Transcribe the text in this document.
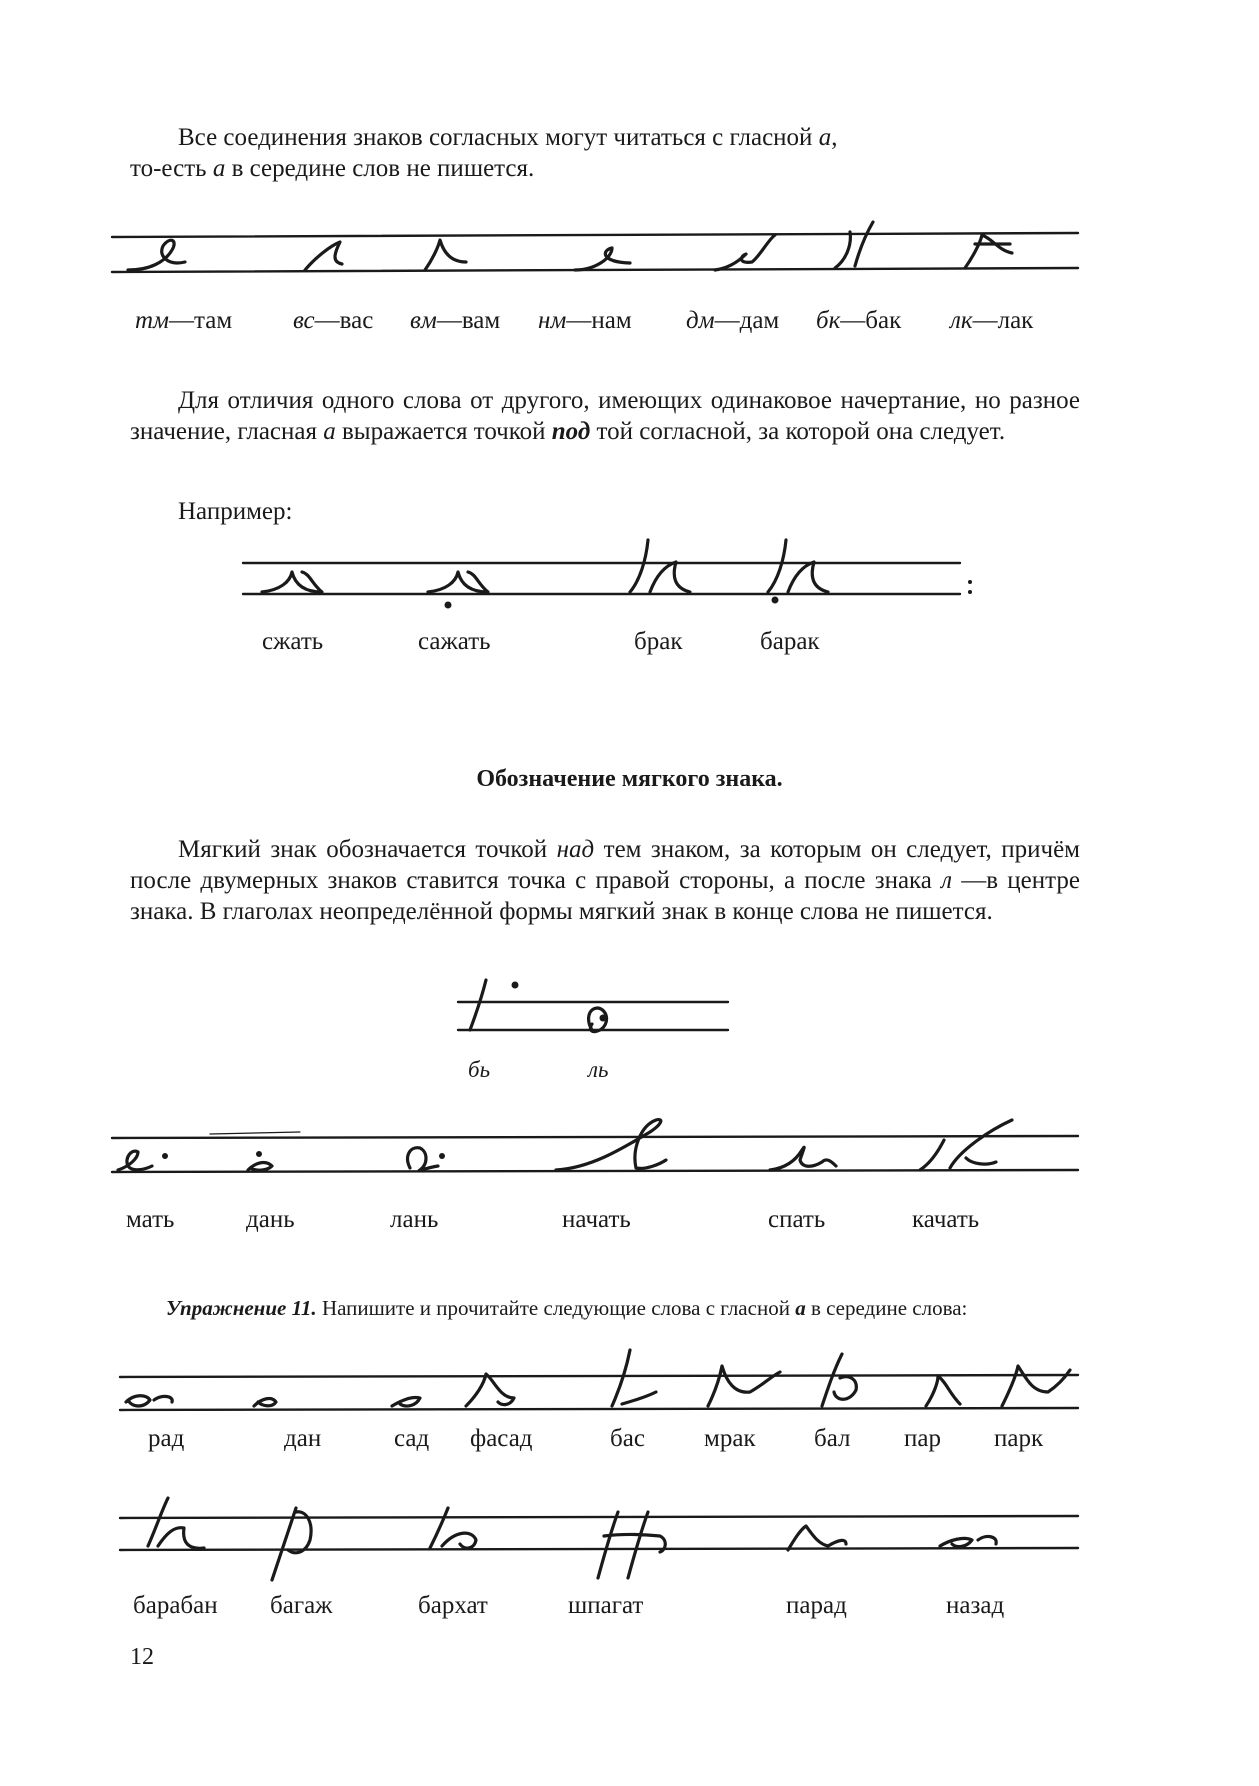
Все соединения знаков согласных могут читаться с гласной a,

то-есть a в середине слов не пишется.

тм—там вс—вас вм—вам нм—нам дм—дам бк—бак лк—лак

Для отличия одного слова от другого, имеющих одинаковое начертание, но разное значение, гласная a выражается точкой под той согласной, за которой она следует.

Например:
сжать	сажать	брак	барак
Обозначение мягкого знака.

Мягкий знак обозначается точкой над тем знаком, за которым он следует, причём после двумерных знаков ставится точка с правой стороны, а после знака л —в центре знака. В глаголах неопределённой формы мягкий знак в конце слова не пишется.

бь	ль
мать	дань	лань	начать	спать	качать
Упражнение 11. Напишите и прочитайте следующие слова с гласной а в середине слова:
рад	дан	сад фасад	бас мрак бал пар парк
барабан багаж	бархат	шпагат	парад	назад
12
